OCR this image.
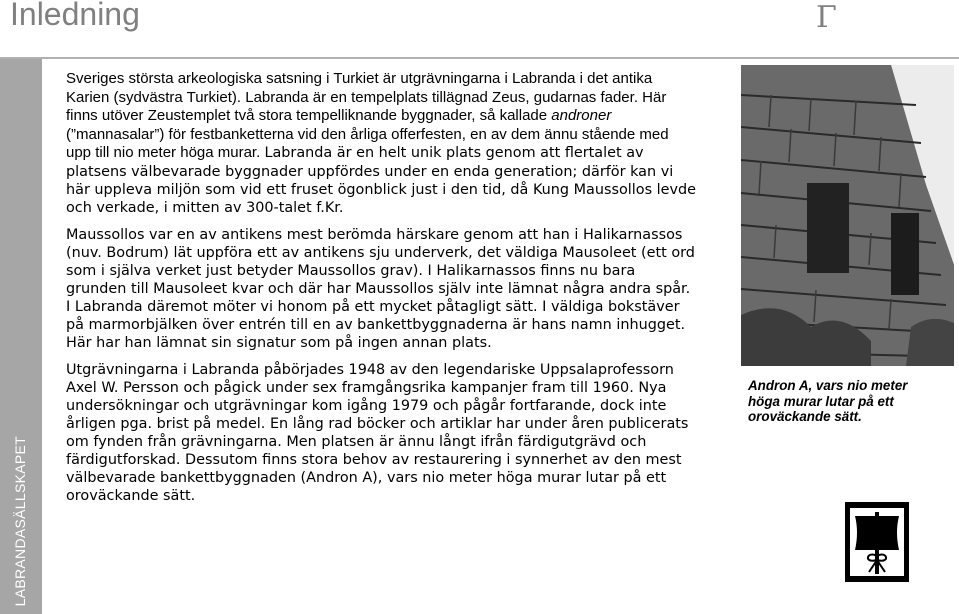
Inledning	Γ
LABRANDASÄLLSKAPET

Sveriges största arkeologiska satsning i Turkiet är utgrävningarna i Labranda i det antika Karien (sydvästra Turkiet). Labranda är en tempelplats tillägnad Zeus, gudarnas fader. Här finns utöver Zeustemplet två stora tempelliknande byggnader, så kallade androner (”mannasalar”) för festbanketterna vid den årliga offerfesten, en av dem ännu stående med upp till nio meter höga murar. Labranda är en helt unik plats genom att flertalet av platsens välbevarade byggnader uppfördes under en enda generation; därför kan vi här uppleva miljön som vid ett fruset ögonblick just i den tid, då Kung Maussollos levde och verkade, i mitten av 300-talet f.Kr.

Maussollos var en av antikens mest berömda härskare genom att han i Halikarnassos (nuv. Bodrum) lät uppföra ett av antikens sju underverk, det väldiga Mausoleet (ett ord som i själva verket just betyder Maussollos grav). I Halikarnassos finns nu bara grunden till Mausoleet kvar och där har Maussollos själv inte lämnat några andra spår. I Labranda däremot möter vi honom på ett mycket påtagligt sätt. I väldiga bokstäver på marmorbjälken över entrén till en av bankettbyggnaderna är hans namn inhugget. Här har han lämnat sin signatur som på ingen annan plats.

Utgrävningarna i Labranda påbörjades 1948 av den legendariske Uppsalaprofessorn Axel W. Persson och pågick under sex framgångsrika kampanjer fram till 1960. Nya undersökningar och utgrävningar kom igång 1979 och pågår fortfarande, dock inte årligen pga. brist på medel. En lång rad böcker och artiklar har under åren publicerats om fynden från grävningarna. Men platsen är ännu långt ifrån färdigutgrävd och färdigutforskad. Dessutom finns stora behov av restaurering i synnerhet av den mest välbevarade bankettbyggnaden (Andron A), vars nio meter höga murar lutar på ett oroväckande sätt.

Andron A, vars nio meter höga murar lutar på ett oroväckande sätt.
